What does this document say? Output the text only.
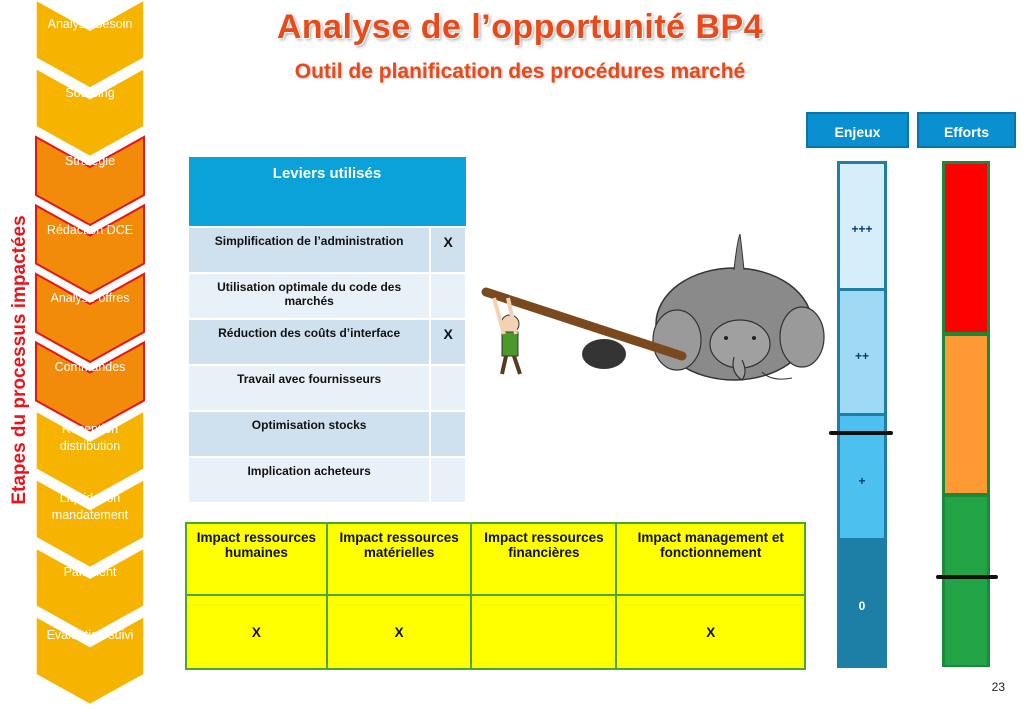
Analyse besoin
Sourcing
Stratégie
Rédaction DCE
Analyse offres
Commandes
Réception distribution
Liquidation mandatement
Paiement
Evaluation suivi
Etapes du processus impactées
Analyse de l’opportunité BP4
Outil de planification des procédures marché
Leviers utilisés	
Simplification de l’administration	X
Utilisation optimale du code des marchés	
Réduction des coûts d’interface	X
Travail avec fournisseurs	
Optimisation stocks	
Implication acheteurs	
Impact ressources humaines	Impact ressources matérielles	Impact ressources financières	Impact management et fonctionnement
X	X		X
Enjeux	Efforts
+++
++
+
0
23
